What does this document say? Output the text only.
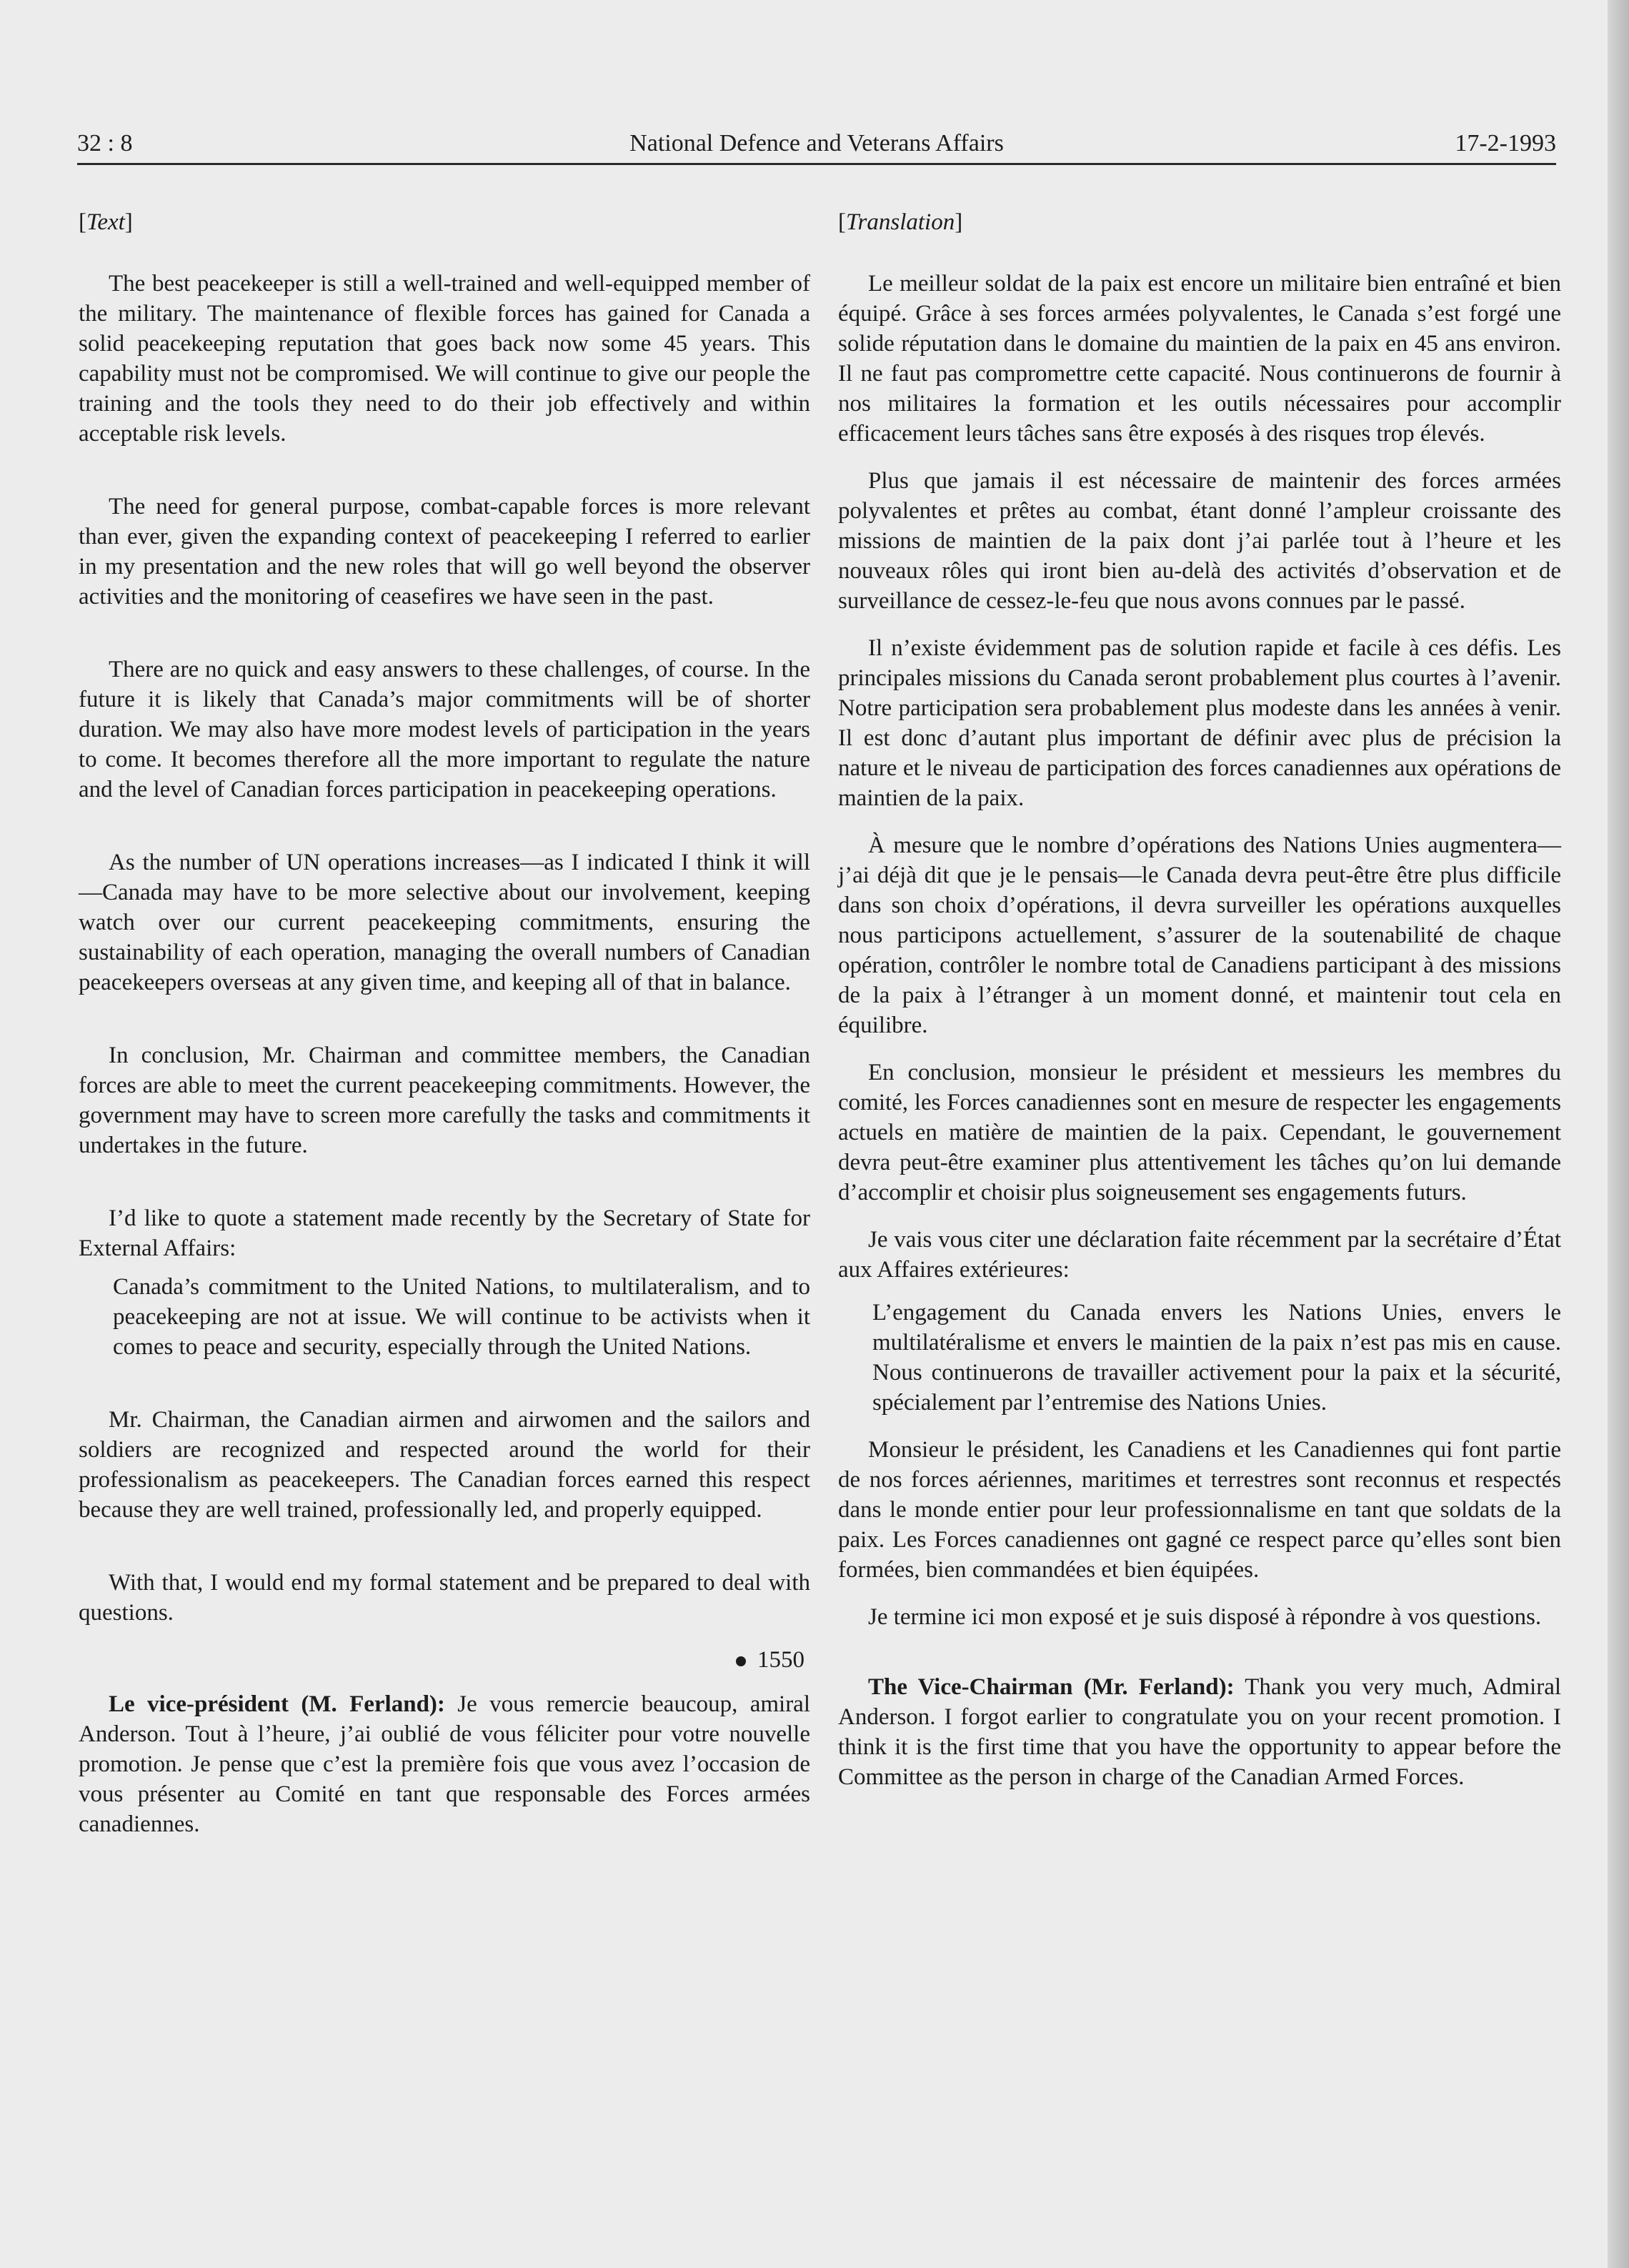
32 : 8	National Defence and Veterans Affairs	17-2-1993
[Text]

The best peacekeeper is still a well-trained and well-equipped member of the military. The maintenance of flexible forces has gained for Canada a solid peacekeeping reputation that goes back now some 45 years. This capability must not be compromised. We will continue to give our people the training and the tools they need to do their job effectively and within acceptable risk levels.

The need for general purpose, combat-capable forces is more relevant than ever, given the expanding context of peacekeeping I referred to earlier in my presentation and the new roles that will go well beyond the observer activities and the monitoring of ceasefires we have seen in the past.

There are no quick and easy answers to these challenges, of course. In the future it is likely that Canada’s major commitments will be of shorter duration. We may also have more modest levels of participation in the years to come. It becomes therefore all the more important to regulate the nature and the level of Canadian forces participation in peacekeeping operations.

As the number of UN operations increases—as I indicated I think it will—Canada may have to be more selective about our involvement, keeping watch over our current peacekeeping commitments, ensuring the sustainability of each operation, managing the overall numbers of Canadian peacekeepers overseas at any given time, and keeping all of that in balance.

In conclusion, Mr. Chairman and committee members, the Canadian forces are able to meet the current peacekeeping commitments. However, the government may have to screen more carefully the tasks and commitments it undertakes in the future.

I’d like to quote a statement made recently by the Secretary of State for External Affairs:

Canada’s commitment to the United Nations, to multilateralism, and to peacekeeping are not at issue. We will continue to be activists when it comes to peace and security, especially through the United Nations.

Mr. Chairman, the Canadian airmen and airwomen and the sailors and soldiers are recognized and respected around the world for their professionalism as peacekeepers. The Canadian forces earned this respect because they are well trained, professionally led, and properly equipped.

With that, I would end my formal statement and be prepared to deal with questions.

1550

Le vice-président (M. Ferland): Je vous remercie beaucoup, amiral Anderson. Tout à l’heure, j’ai oublié de vous féliciter pour votre nouvelle promotion. Je pense que c’est la première fois que vous avez l’occasion de vous présenter au Comité en tant que responsable des Forces armées canadiennes.

[Translation]

Le meilleur soldat de la paix est encore un militaire bien entraîné et bien équipé. Grâce à ses forces armées polyvalentes, le Canada s’est forgé une solide réputation dans le domaine du maintien de la paix en 45 ans environ. Il ne faut pas compromettre cette capacité. Nous continuerons de fournir à nos militaires la formation et les outils nécessaires pour accomplir efficacement leurs tâches sans être exposés à des risques trop élevés.

Plus que jamais il est nécessaire de maintenir des forces armées polyvalentes et prêtes au combat, étant donné l’ampleur croissante des missions de maintien de la paix dont j’ai parlée tout à l’heure et les nouveaux rôles qui iront bien au-delà des activités d’observation et de surveillance de cessez-le-feu que nous avons connues par le passé.

Il n’existe évidemment pas de solution rapide et facile à ces défis. Les principales missions du Canada seront probablement plus courtes à l’avenir. Notre participation sera probablement plus modeste dans les années à venir. Il est donc d’autant plus important de définir avec plus de précision la nature et le niveau de participation des forces canadiennes aux opérations de maintien de la paix.

À mesure que le nombre d’opérations des Nations Unies augmentera—j’ai déjà dit que je le pensais—le Canada devra peut-être être plus difficile dans son choix d’opérations, il devra surveiller les opérations auxquelles nous participons actuellement, s’assurer de la soutenabilité de chaque opération, contrôler le nombre total de Canadiens participant à des missions de la paix à l’étranger à un moment donné, et maintenir tout cela en équilibre.

En conclusion, monsieur le président et messieurs les membres du comité, les Forces canadiennes sont en mesure de respecter les engagements actuels en matière de maintien de la paix. Cependant, le gouvernement devra peut-être examiner plus attentivement les tâches qu’on lui demande d’accomplir et choisir plus soigneusement ses engagements futurs.

Je vais vous citer une déclaration faite récemment par la secrétaire d’État aux Affaires extérieures:

L’engagement du Canada envers les Nations Unies, envers le multilatéralisme et envers le maintien de la paix n’est pas mis en cause. Nous continuerons de travailler activement pour la paix et la sécurité, spécialement par l’entremise des Nations Unies.

Monsieur le président, les Canadiens et les Canadiennes qui font partie de nos forces aériennes, maritimes et terrestres sont reconnus et respectés dans le monde entier pour leur professionnalisme en tant que soldats de la paix. Les Forces canadiennes ont gagné ce respect parce qu’elles sont bien formées, bien commandées et bien équipées.

Je termine ici mon exposé et je suis disposé à répondre à vos questions.

The Vice-Chairman (Mr. Ferland): Thank you very much, Admiral Anderson. I forgot earlier to congratulate you on your recent promotion. I think it is the first time that you have the opportunity to appear before the Committee as the person in charge of the Canadian Armed Forces.
